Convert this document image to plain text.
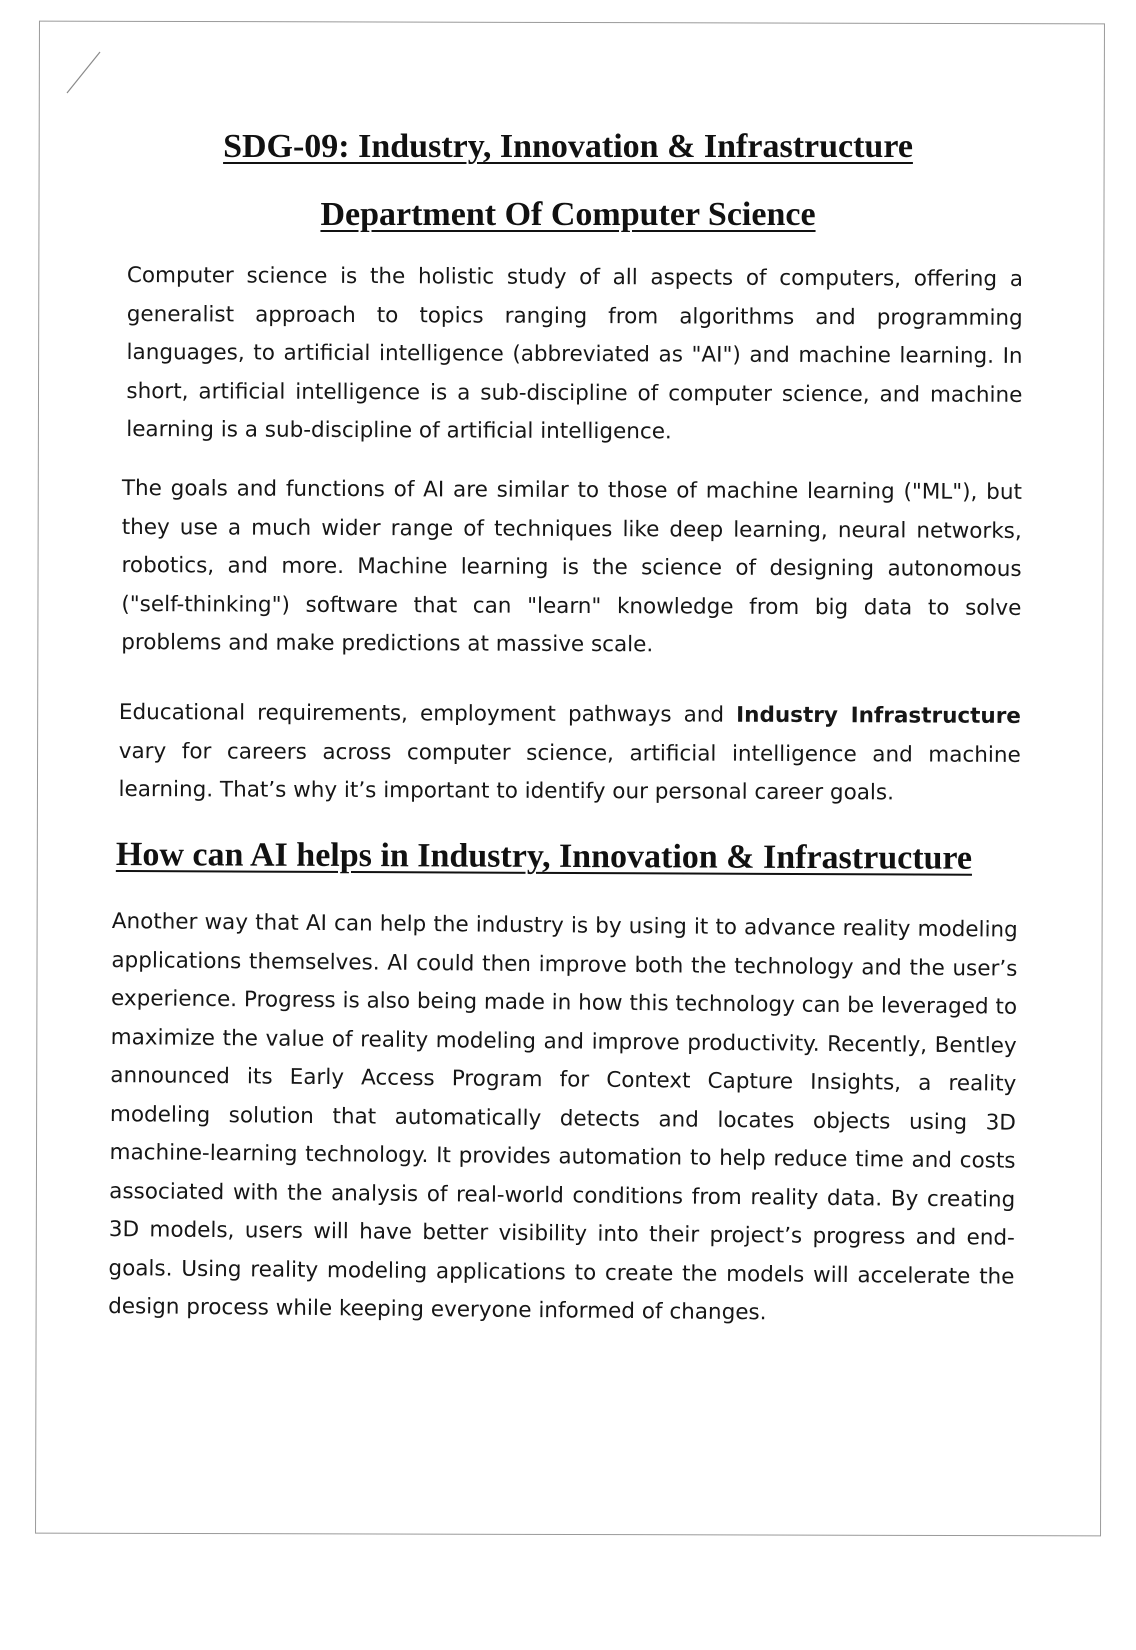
SDG-09: Industry, Innovation & Infrastructure
Department Of Computer Science

Computer science is the holistic study of all aspects of computers, offering a generalist approach to topics ranging from algorithms and programming languages, to artificial intelligence (abbreviated as "AI") and machine learning. In short, artificial intelligence is a sub-discipline of computer science, and machine learning is a sub-discipline of artificial intelligence.

The goals and functions of AI are similar to those of machine learning ("ML"), but they use a much wider range of techniques like deep learning, neural networks, robotics, and more. Machine learning is the science of designing autonomous ("self-thinking") software that can "learn" knowledge from big data to solve problems and make predictions at massive scale.

Educational requirements, employment pathways and Industry Infrastructure vary for careers across computer science, artificial intelligence and machine learning. That’s why it’s important to identify our personal career goals.

How can AI helps in Industry, Innovation & Infrastructure

Another way that AI can help the industry is by using it to advance reality modeling applications themselves. AI could then improve both the technology and the user’s experience. Progress is also being made in how this technology can be leveraged to maximize the value of reality modeling and improve productivity. Recently, Bentley announced its Early Access Program for Context Capture Insights, a reality modeling solution that automatically detects and locates objects using 3D machine-learning technology. It provides automation to help reduce time and costs associated with the analysis of real-world conditions from reality data. By creating 3D models, users will have better visibility into their project’s progress and end-goals. Using reality modeling applications to create the models will accelerate the design process while keeping everyone informed of changes.
